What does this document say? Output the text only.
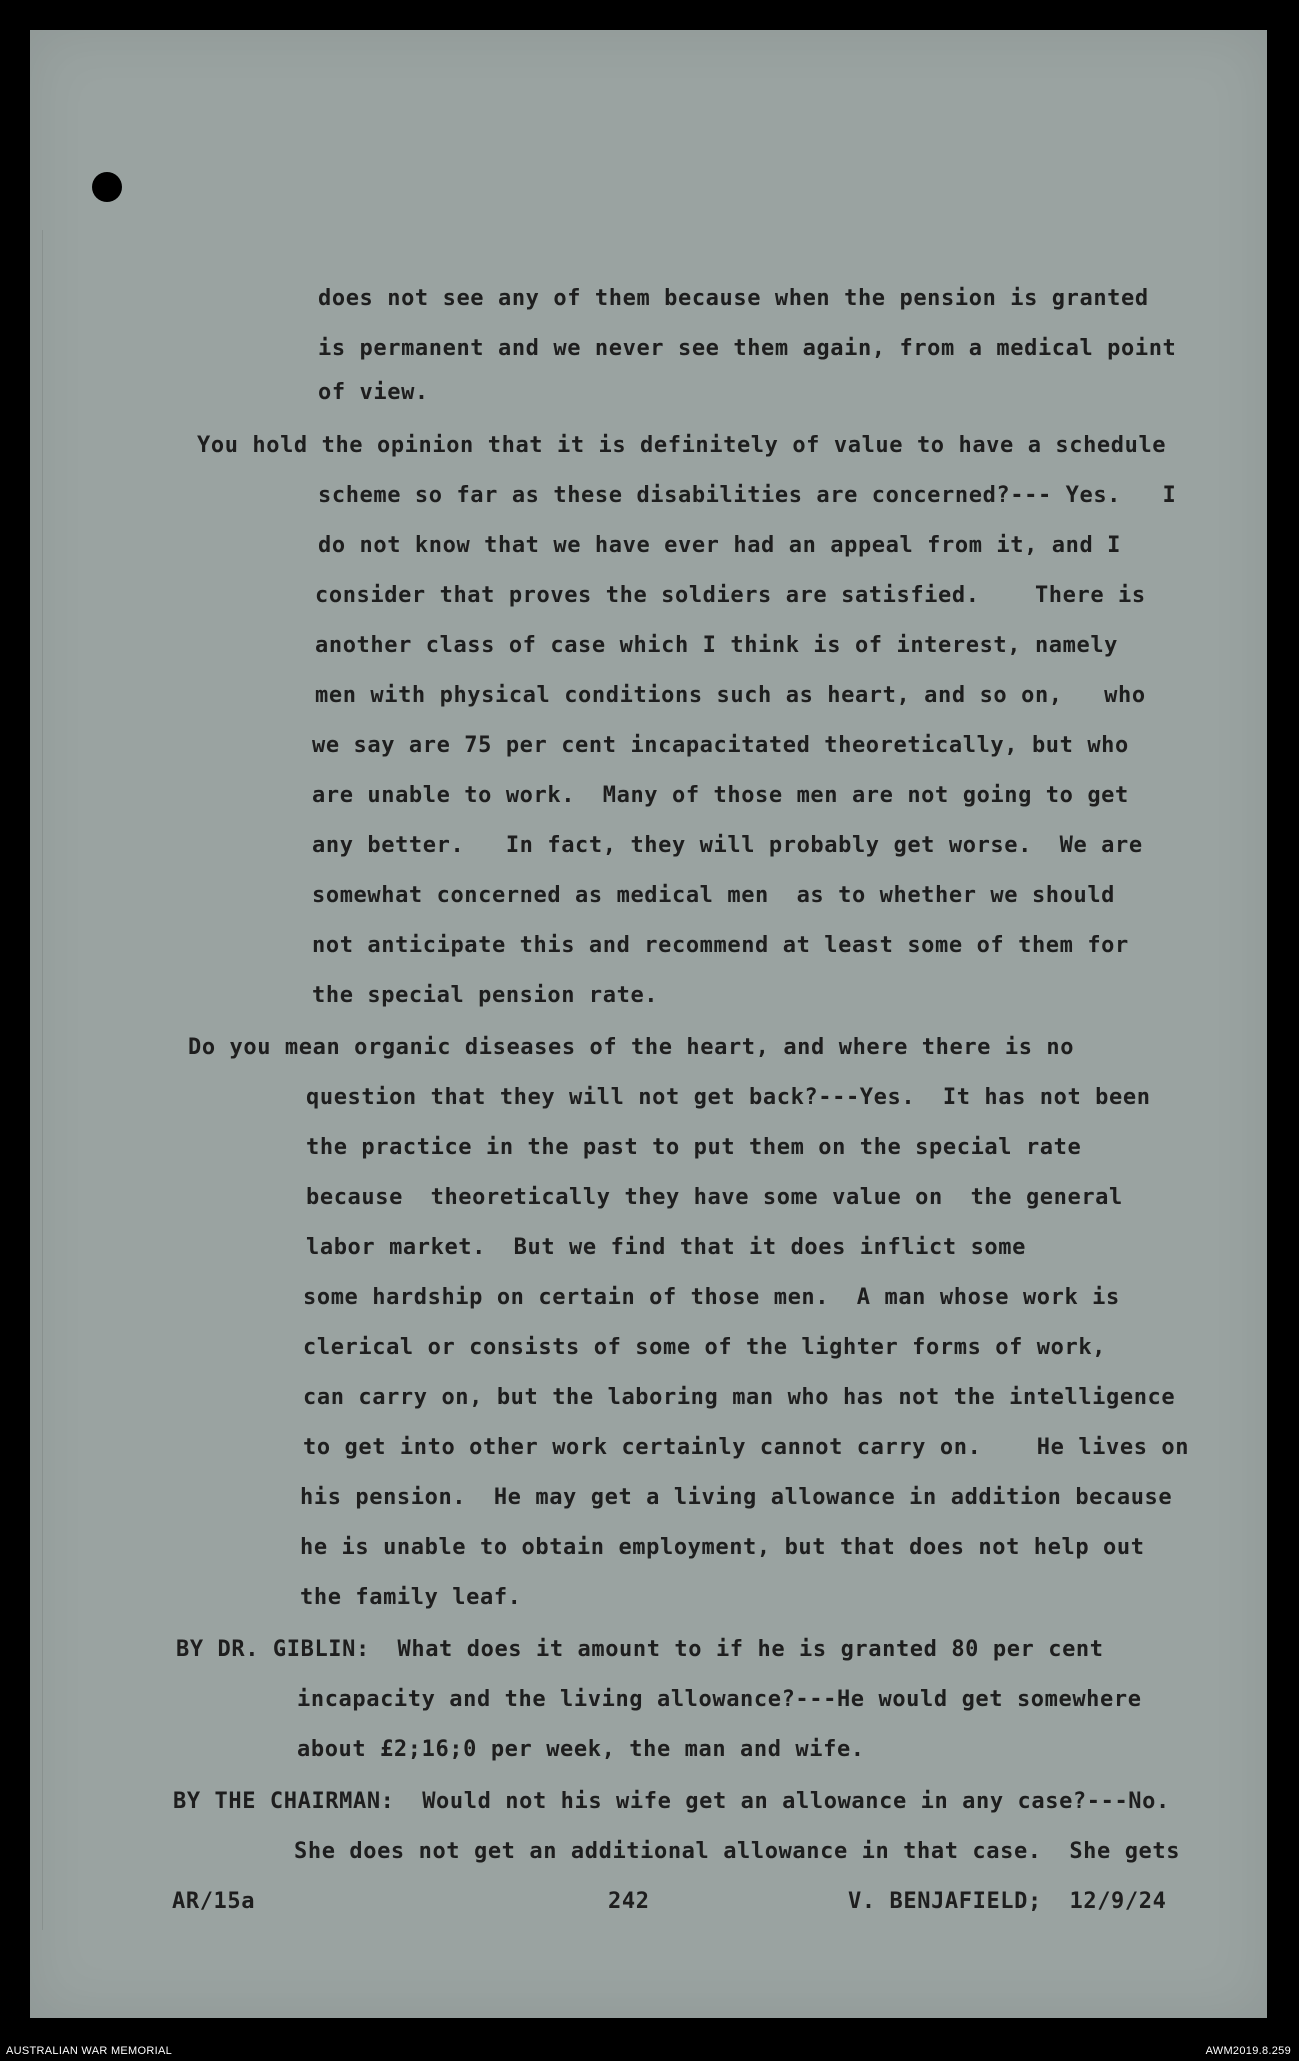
does not see any of them because when the pension is granted
is permanent and we never see them again, from a medical point
of view.
You hold the opinion that it is definitely of value to have a schedule
scheme so far as these disabilities are concerned?--- Yes.   I
do not know that we have ever had an appeal from it, and I
consider that proves the soldiers are satisfied.    There is
another class of case which I think is of interest, namely
men with physical conditions such as heart, and so on,   who
we say are 75 per cent incapacitated theoretically, but who
are unable to work.  Many of those men are not going to get
any better.   In fact, they will probably get worse.  We are
somewhat concerned as medical men  as to whether we should
not anticipate this and recommend at least some of them for
the special pension rate.
Do you mean organic diseases of the heart, and where there is no
question that they will not get back?---Yes.  It has not been
the practice in the past to put them on the special rate
because  theoretically they have some value on  the general
labor market.  But we find that it does inflict some
some hardship on certain of those men.  A man whose work is
clerical or consists of some of the lighter forms of work,
can carry on, but the laboring man who has not the intelligence
to get into other work certainly cannot carry on.    He lives on
his pension.  He may get a living allowance in addition because
he is unable to obtain employment, but that does not help out
the family leaf.
BY DR. GIBLIN:  What does it amount to if he is granted 80 per cent
incapacity and the living allowance?---He would get somewhere
about £2;16;0 per week, the man and wife.
BY THE CHAIRMAN:  Would not his wife get an allowance in any case?---No.
She does not get an additional allowance in that case.  She gets
AR/15a	242	V. BENJAFIELD;  12/9/24
AUSTRALIAN WAR MEMORIAL	AWM2019.8.259
